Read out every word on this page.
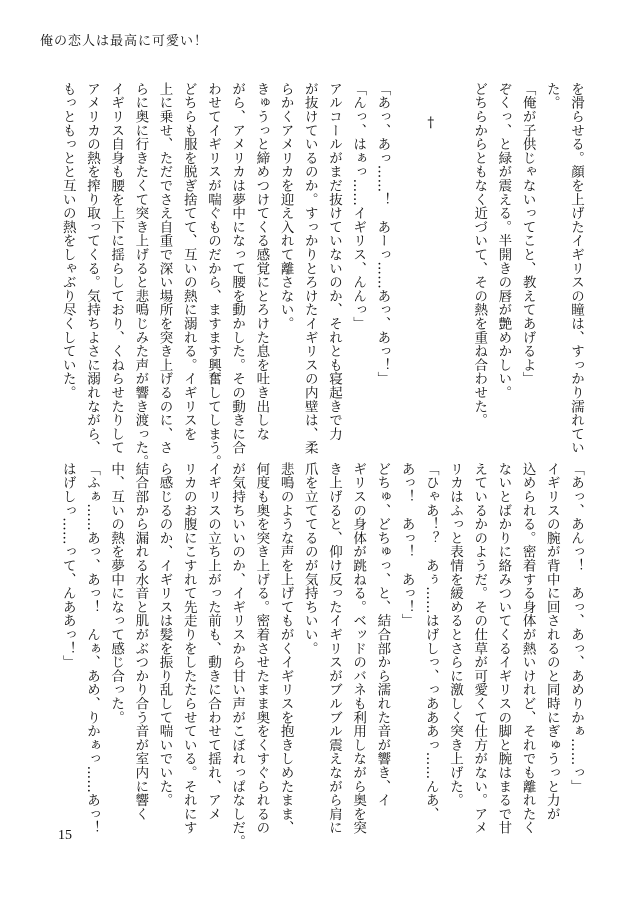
俺の恋人は最高に可愛い！

を滑らせる。顔を上げたイギリスの瞳は、すっかり濡れてい

た。

「俺が子供じゃないってこと、教えてあげるよ」

ぞくっ、と緑が震える。半開きの唇が艶めかしい。

どちらからともなく近づいて、その熱を重ね合わせた。

†

「あっ、あっ……！　あーっ……あっ、あっ！」

「んっ、はぁっ……イギリス、んんっ」

アルコールがまだ抜けていないのか、それとも寝起きで力

が抜けているのか。すっかりとろけたイギリスの内壁は、柔

らかくアメリカを迎え入れて離さない。

きゅうっと締めつけてくる感覚にとろけた息を吐き出しな

がら、アメリカは夢中になって腰を動かした。その動きに合

わせてイギリスが喘ぐものだから、ますます興奮してしまう。

どちらも服を脱ぎ捨てて、互いの熱に溺れる。イギリスを

上に乗せ、ただでさえ自重で深い場所を突き上げるのに、さ

らに奥に行きたくて突き上げると悲鳴じみた声が響き渡った。

イギリス自身も腰を上下に揺らしており、くねらせたりして

アメリカの熱を搾り取ってくる。気持ちよさに溺れながら、

もっともっとと互いの熱をしゃぶり尽くしていた。

「あっ、あんっ！　あっ、あっ、あめりかぁ……っ」

イギリスの腕が背中に回されるのと同時にぎゅうっと力が

込められる。密着する身体が熱いけれど、それでも離れたく

ないとばかりに絡みついてくるイギリスの脚と腕はまるで甘

えているかのようだ。その仕草が可愛くて仕方がない。アメ

リカはふっと表情を緩めるとさらに激しく突き上げた。

「ひゃあ！？　あぅ……はげしっ、っあああっ……んあ、

あっ！　あっ！　あっ！」

どちゅ、どちゅっ、と、結合部から濡れた音が響き、イ

ギリスの身体が跳ねる。ベッドのバネも利用しながら奥を突

き上げると、仰け反ったイギリスがブルブル震えながら肩に

爪を立ててるのが気持ちいい。

悲鳴のような声を上げてもがくイギリスを抱きしめたまま、

何度も奥を突き上げる。密着させたまま奥をくすぐられるの

が気持ちいいのか、イギリスから甘い声がこぼれっぱなしだ。

イギリスの立ち上がった前も、動きに合わせて揺れ、アメ

リカのお腹にこすれて先走りをしたたらせている。それにす

ら感じるのか、イギリスは髪を振り乱して喘いでいた。

結合部から漏れる水音と肌がぶつかり合う音が室内に響く

中、互いの熱を夢中になって感じ合った。

「ふぁ……あっ、あっ！　んぁ、あめ、りかぁっ……あっ！

はげしっ……って、んああっ！」

15
